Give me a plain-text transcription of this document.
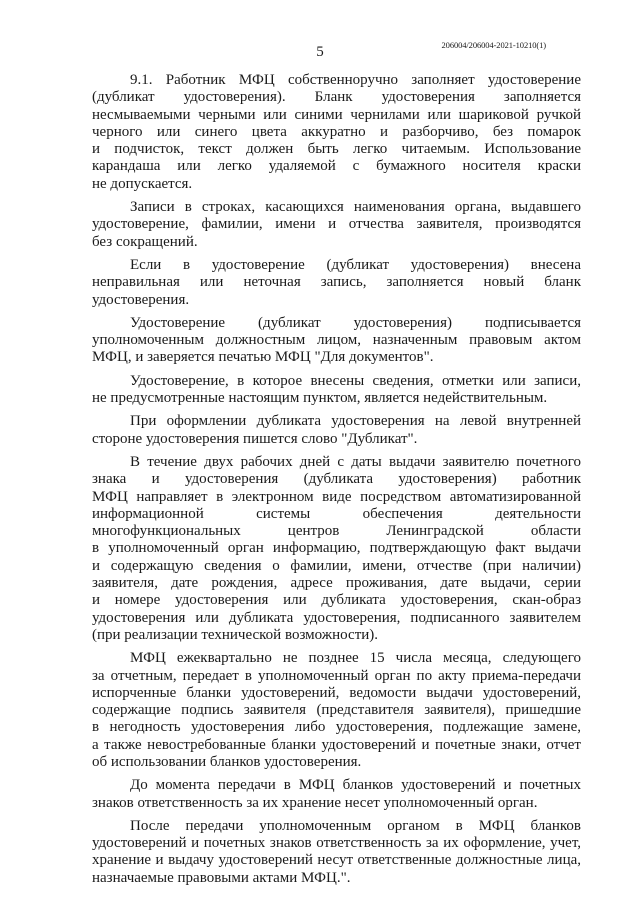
5	206004/206004-2021-10210(1)
9.1. Работник МФЦ собственноручно заполняет удостоверение
(дубликат удостоверения). Бланк удостоверения заполняется
несмываемыми черными или синими чернилами или шариковой ручкой
черного или синего цвета аккуратно и разборчиво, без помарок
и подчисток, текст должен быть легко читаемым. Использование
карандаша или легко удаляемой с бумажного носителя краски
не допускается.
Записи в строках, касающихся наименования органа, выдавшего
удостоверение, фамилии, имени и отчества заявителя, производятся
без сокращений.
Если в удостоверение (дубликат удостоверения) внесена
неправильная или неточная запись, заполняется новый бланк
удостоверения.
Удостоверение (дубликат удостоверения) подписывается
уполномоченным должностным лицом, назначенным правовым актом
МФЦ, и заверяется печатью МФЦ "Для документов".
Удостоверение, в которое внесены сведения, отметки или записи,
не предусмотренные настоящим пунктом, является недействительным.
При оформлении дубликата удостоверения на левой внутренней
стороне удостоверения пишется слово "Дубликат".
В течение двух рабочих дней с даты выдачи заявителю почетного
знака и удостоверения (дубликата удостоверения) работник
МФЦ направляет в электронном виде посредством автоматизированной
информационной системы обеспечения деятельности
многофункциональных центров Ленинградской области
в уполномоченный орган информацию, подтверждающую факт выдачи
и содержащую сведения о фамилии, имени, отчестве (при наличии)
заявителя, дате рождения, адресе проживания, дате выдачи, серии
и номере удостоверения или дубликата удостоверения, скан-образ
удостоверения или дубликата удостоверения, подписанного заявителем
(при реализации технической возможности).
МФЦ ежеквартально не позднее 15 числа месяца, следующего
за отчетным, передает в уполномоченный орган по акту приема-передачи
испорченные бланки удостоверений, ведомости выдачи удостоверений,
содержащие подпись заявителя (представителя заявителя), пришедшие
в негодность удостоверения либо удостоверения, подлежащие замене,
а также невостребованные бланки удостоверений и почетные знаки, отчет
об использовании бланков удостоверения.
До момента передачи в МФЦ бланков удостоверений и почетных
знаков ответственность за их хранение несет уполномоченный орган.
После передачи уполномоченным органом в МФЦ бланков
удостоверений и почетных знаков ответственность за их оформление, учет,
хранение и выдачу удостоверений несут ответственные должностные лица,
назначаемые правовыми актами МФЦ.".
